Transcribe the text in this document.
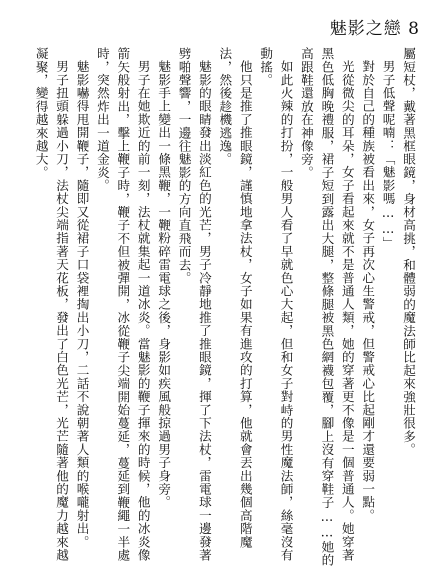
魅影之戀 8

屬短杖，戴著黑框眼鏡，身材高挑，和體弱的魔法師比起來強壯很多。

男子低聲呢喃：「魅影嗎……」

對於自己的種族被看出來，女子再次心生警戒，但警戒心比起剛才還要弱一點。

光從微尖的耳朵，女子看起來就不是普通人類，她的穿著更不像是一個普通人。她穿著黑色低胸晚禮服，裙子短到露出大腿，整條腿被黑色網襪包覆，腳上沒有穿鞋子……她的高跟鞋還放在神像旁。

如此火辣的打扮，一般男人看了早就色心大起，但和女子對峙的男性魔法師，絲毫沒有動搖。

他只是推了推眼鏡，謹慎地拿法杖，女子如果有進攻的打算，他就會丟出幾個高階魔法，然後趁機逃逸。

魅影的眼睛發出淡紅色的光芒，男子冷靜地推了推眼鏡，揮了下法杖，雷電球一邊發著劈啪聲響，一邊往魅影的方向直飛而去。

魅影手上變出一條黑鞭，一鞭粉碎雷電球之後，身影如疾風般掠過男子身旁。

男子在她欺近的前一刻，法杖就集起一道冰炎。當魅影的鞭子揮來的時候，他的冰炎像箭矢般射出，擊上鞭子時，鞭子不但被彈開，冰從鞭子尖端開始蔓延，蔓延到鞭繩一半處時，突然炸出一道金炎。

魅影嚇得甩開鞭子，隨即又從裙子口袋裡掏出小刀，二話不說朝著人類的喉嚨射出。

男子扭頭躲過小刀，法杖尖端指著天花板，發出了白色光芒，光芒隨著他的魔力越來越凝聚，變得越來越大。
